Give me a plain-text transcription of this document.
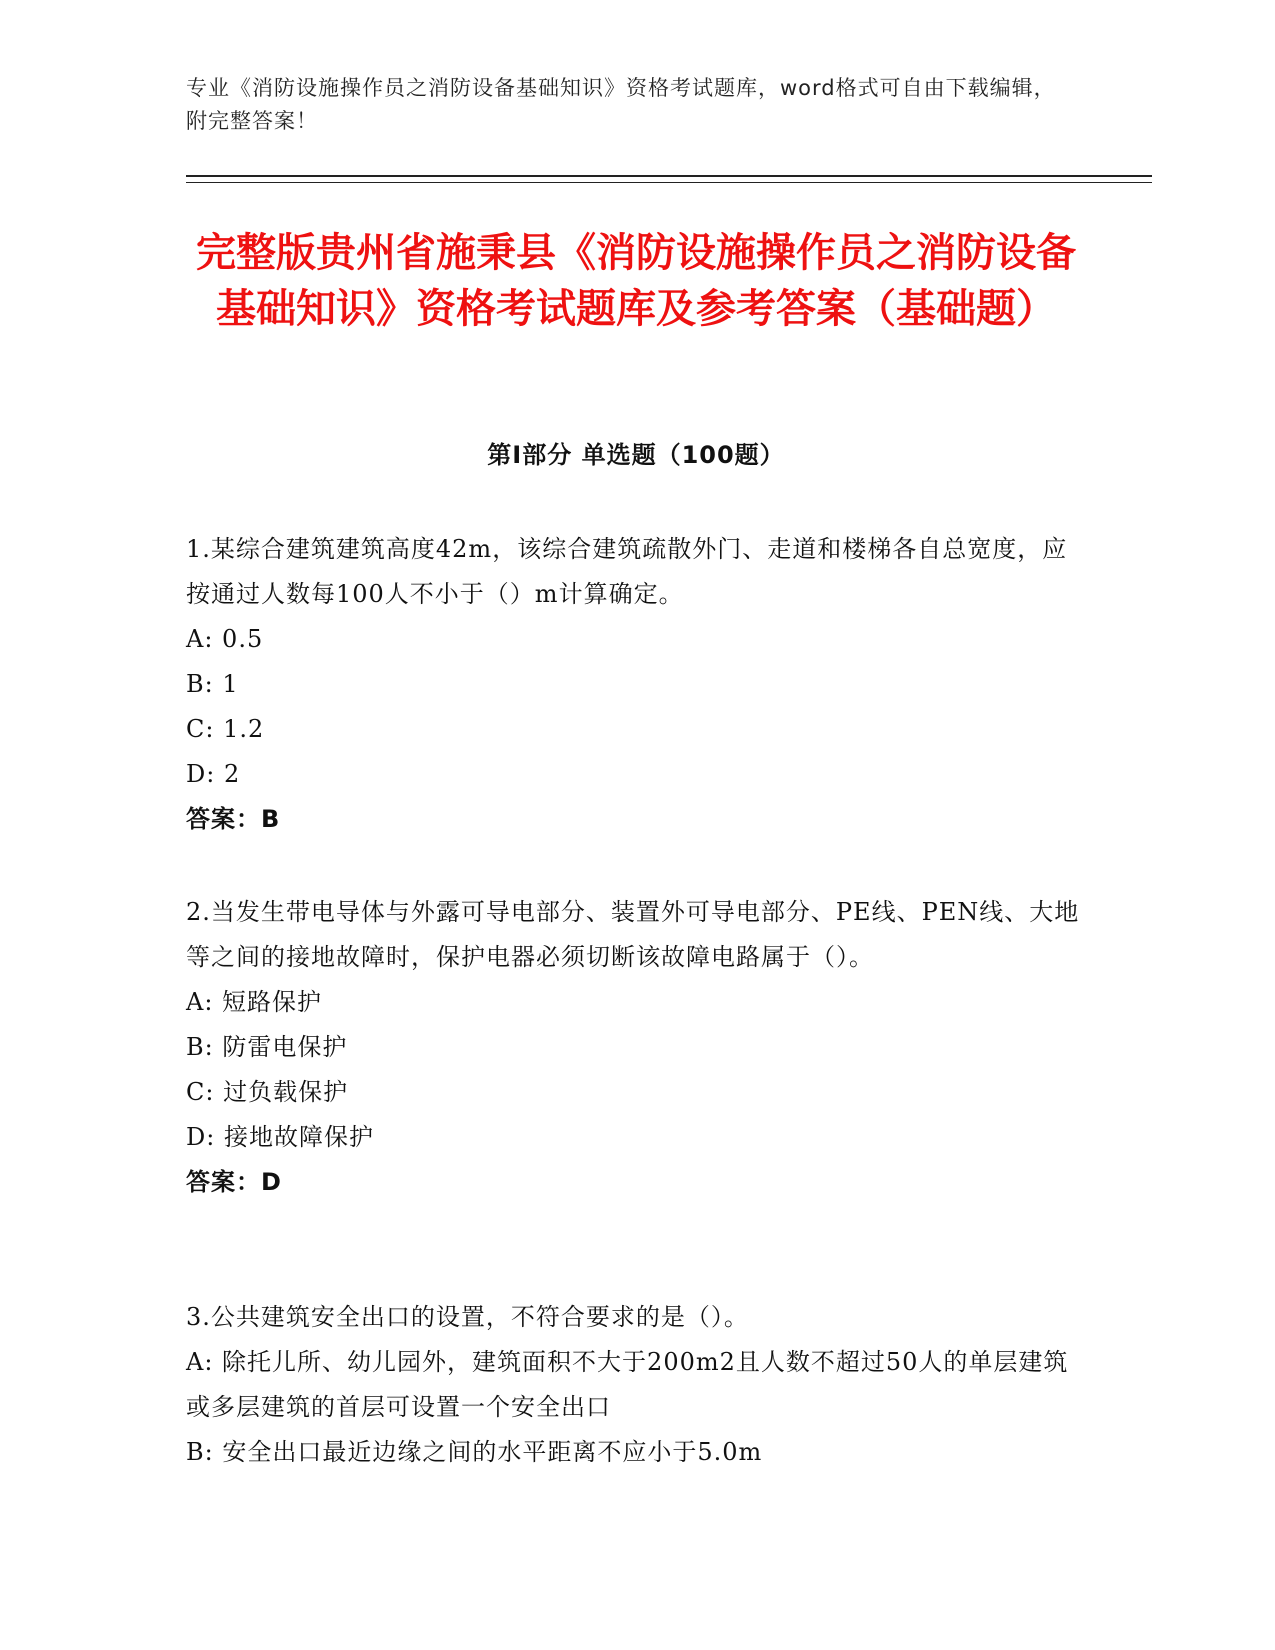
专业《消防设施操作员之消防设备基础知识》资格考试题库，word格式可自由下载编辑，附完整答案！
完整版贵州省施秉县《消防设施操作员之消防设备基础知识》资格考试题库及参考答案（基础题）
第I部分 单选题（100题）

1.某综合建筑建筑高度42m，该综合建筑疏散外门、走道和楼梯各自总宽度，应按通过人数每100人不小于（）m计算确定。

A: 0.5

B: 1

C: 1.2

D: 2

答案：B

2.当发生带电导体与外露可导电部分、装置外可导电部分、PE线、PEN线、大地等之间的接地故障时，保护电器必须切断该故障电路属于（）。

A: 短路保护

B: 防雷电保护

C: 过负载保护

D: 接地故障保护

答案：D

3.公共建筑安全出口的设置，不符合要求的是（）。

A: 除托儿所、幼儿园外，建筑面积不大于200m2且人数不超过50人的单层建筑或多层建筑的首层可设置一个安全出口

B: 安全出口最近边缘之间的水平距离不应小于5.0m
